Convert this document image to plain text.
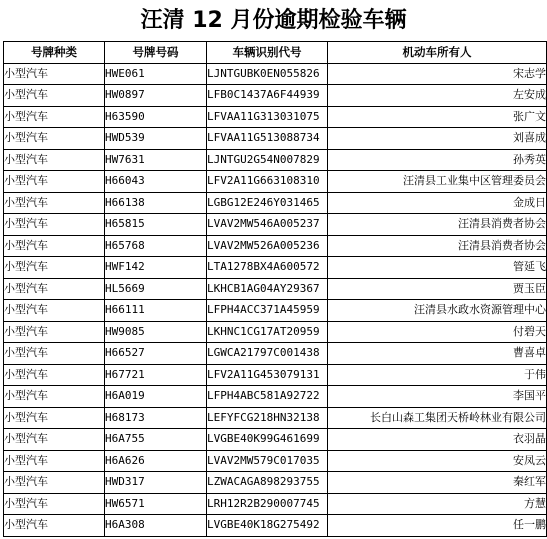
汪清 12 月份逾期检验车辆
号牌种类	号牌号码	车辆识别代号	机动车所有人
小型汽车	HWE061	LJNTGUBK0EN055826	宋志学
小型汽车	HW0897	LFB0C1437A6F44939	左安成
小型汽车	H63590	LFVAA11G313031075	张广文
小型汽车	HWD539	LFVAA11G513088734	刘喜成
小型汽车	HW7631	LJNTGU2G54N007829	孙秀英
小型汽车	H66043	LFV2A11G663108310	汪清县工业集中区管理委员会
小型汽车	H66138	LGBG12E246Y031465	金成日
小型汽车	H65815	LVAV2MW546A005237	汪清县消费者协会
小型汽车	H65768	LVAV2MW526A005236	汪清县消费者协会
小型汽车	HWF142	LTA1278BX4A600572	管延飞
小型汽车	HL5669	LKHCB1AG04AY29367	贾玉臣
小型汽车	H66111	LFPH4ACC371A45959	汪清县水政水资源管理中心
小型汽车	HW9085	LKHNC1CG17AT20959	付碧天
小型汽车	H66527	LGWCA21797C001438	曹喜卓
小型汽车	H67721	LFV2A11G453079131	于伟
小型汽车	H6A019	LFPH4ABC581A92722	李国平
小型汽车	H68173	LEFYFCG218HN32138	长白山森工集团天桥岭林业有限公司
小型汽车	H6A755	LVGBE40K99G461699	衣羽晶
小型汽车	H6A626	LVAV2MW579C017035	安凤云
小型汽车	HWD317	LZWACAGA898293755	秦红军
小型汽车	HW6571	LRH12R2B290007745	方慧
小型汽车	H6A308	LVGBE40K18G275492	任一鹏
